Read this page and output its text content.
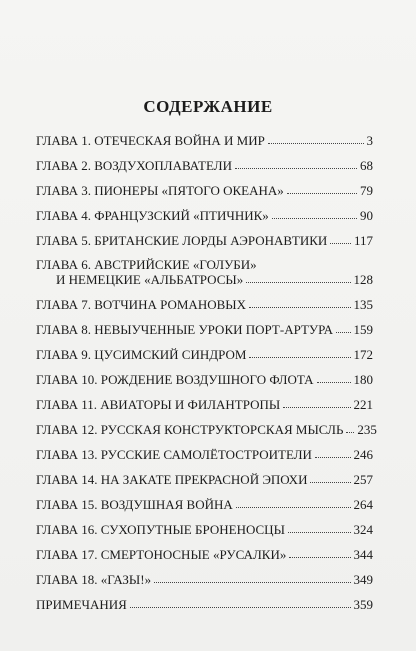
СОДЕРЖАНИЕ
ГЛАВА 1. ОТЕЧЕСКАЯ ВОЙНА И МИР	3
ГЛАВА 2. ВОЗДУХОПЛАВАТЕЛИ	68
ГЛАВА 3. ПИОНЕРЫ «ПЯТОГО ОКЕАНА»	79
ГЛАВА 4. ФРАНЦУЗСКИЙ «ПТИЧНИК»	90
ГЛАВА 5. БРИТАНСКИЕ ЛОРДЫ АЭРОНАВТИКИ 117
ГЛАВА 6. АВСТРИЙСКИЕ «ГОЛУБИ»
И НЕМЕЦКИЕ «АЛЬБАТРОСЫ»	128
ГЛАВА 7. ВОТЧИНА РОМАНОВЫХ	135
ГЛАВА 8. НЕВЫУЧЕННЫЕ УРОКИ ПОРТ-АРТУРА 159
ГЛАВА 9. ЦУСИМСКИЙ СИНДРОМ	172
ГЛАВА 10. РОЖДЕНИЕ ВОЗДУШНОГО ФЛОТА	180
ГЛАВА 11. АВИАТОРЫ И ФИЛАНТРОПЫ	221
ГЛАВА 12. РУССКАЯ КОНСТРУКТОРСКАЯ МЫСЛЬ 235
ГЛАВА 13. РУССКИЕ САМОЛЁТОСТРОИТЕЛИ	246
ГЛАВА 14. НА ЗАКАТЕ ПРЕКРАСНОЙ ЭПОХИ	257
ГЛАВА 15. ВОЗДУШНАЯ ВОЙНА	264
ГЛАВА 16. СУХОПУТНЫЕ БРОНЕНОСЦЫ	324
ГЛАВА 17. СМЕРТОНОСНЫЕ «РУСАЛКИ»	344
ГЛАВА 18. «ГАЗЫ!»	349
ПРИМЕЧАНИЯ	359
